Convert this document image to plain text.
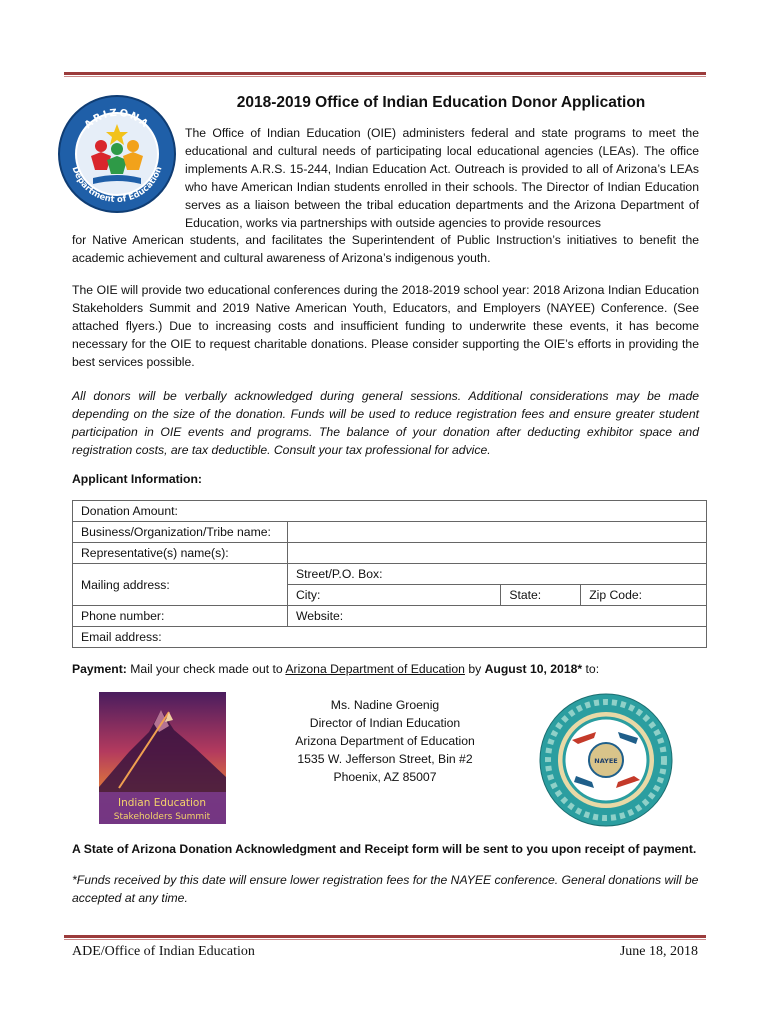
ARIZONA
Department of Education
2018-2019 Office of Indian Education Donor Application

The Office of Indian Education (OIE) administers federal and state programs to meet the educational and cultural needs of participating local educational agencies (LEAs). The office implements A.R.S. 15-244, Indian Education Act. Outreach is provided to all of Arizona’s LEAs who have American Indian students enrolled in their schools. The Director of Indian Education serves as a liaison between the tribal education departments and the Arizona Department of Education, works via partnerships with outside agencies to provide resources

for Native American students, and facilitates the Superintendent of Public Instruction’s initiatives to benefit the academic achievement and cultural awareness of Arizona’s indigenous youth.

The OIE will provide two educational conferences during the 2018-2019 school year: 2018 Arizona Indian Education Stakeholders Summit and 2019 Native American Youth, Educators, and Employers (NAYEE) Conference. (See attached flyers.) Due to increasing costs and insufficient funding to underwrite these events, it has become necessary for the OIE to request charitable donations. Please consider supporting the OIE’s efforts in providing the best services possible.

All donors will be verbally acknowledged during general sessions. Additional considerations may be made depending on the size of the donation. Funds will be used to reduce registration fees and ensure greater student participation in OIE events and programs. The balance of your donation after deducting exhibitor space and registration costs, are tax deductible. Consult your tax professional for advice.

Applicant Information:
Donation Amount:			
Business/Organization/Tribe name:			
Representative(s) name(s):			
Mailing address:	Street/P.O. Box:		
	City:	State:	Zip Code:
Phone number:	Website:		
Email address:			
Payment: Mail your check made out to Arizona Department of Education by August 10, 2018* to:
Indian Education
Stakeholders Summit
Ms. Nadine Groenig
Director of Indian Education
Arizona Department of Education
1535 W. Jefferson Street, Bin #2
Phoenix, AZ 85007
NAYEE
A State of Arizona Donation Acknowledgment and Receipt form will be sent to you upon receipt of payment.
*Funds received by this date will ensure lower registration fees for the NAYEE conference. General donations will be accepted at any time.
ADE/Office of Indian Education	June 18, 2018
